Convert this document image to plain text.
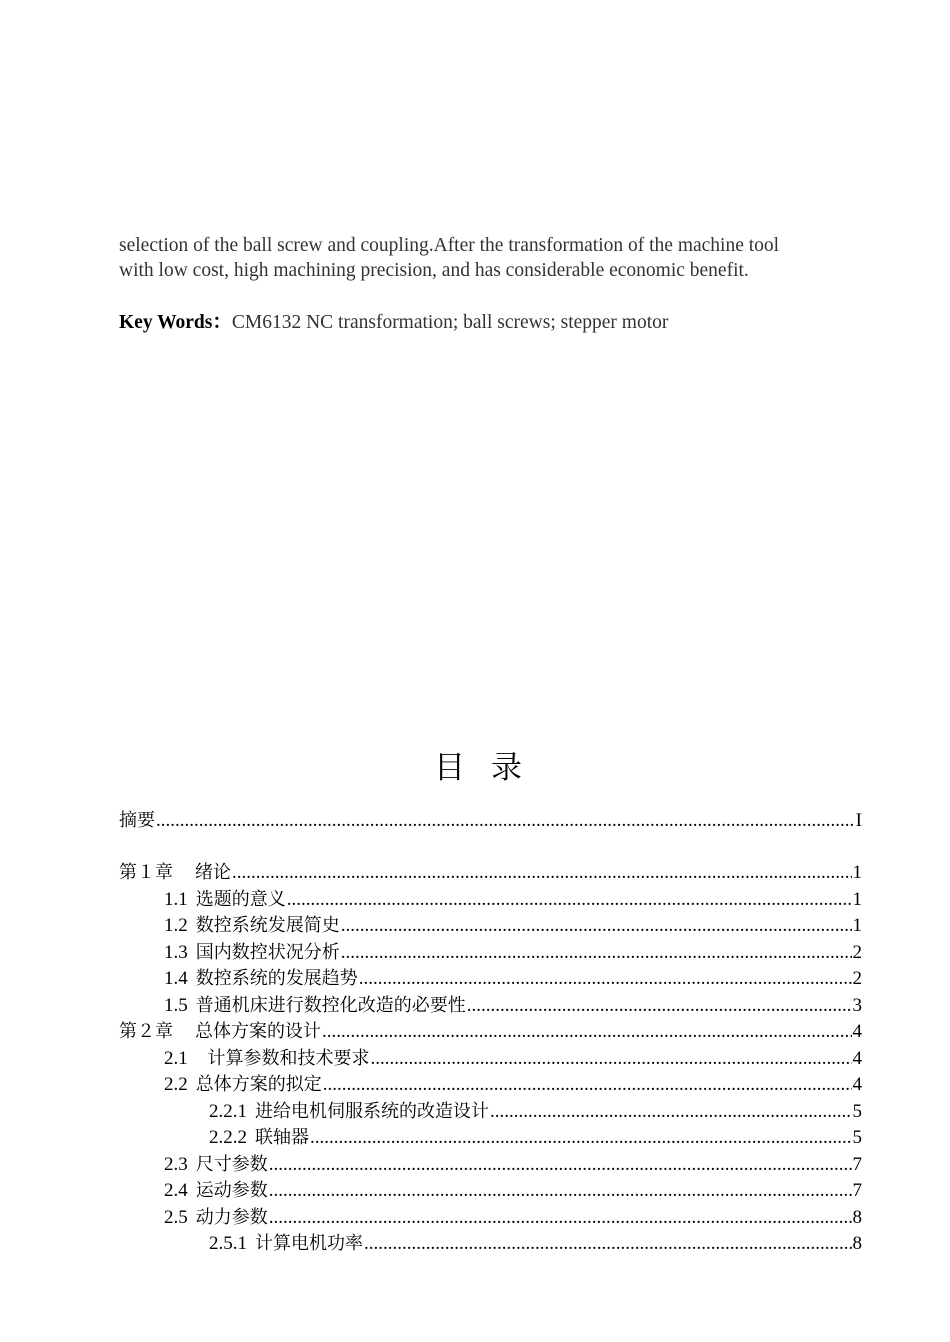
selection of the ball screw and coupling.After the transformation of the machine tool

with low cost, high machining precision, and has considerable economic benefit.

Key Words：CM6132 NC transformation; ball screws; stepper motor
目录
摘要 .....	I
第１章 绪论 .....	1
1.1 选题的意义 .....	1
1.2 数控系统发展简史 .....	1
1.3 国内数控状况分析 .....	2
1.4 数控系统的发展趋势 .....	2
1.5 普通机床进行数控化改造的必要性 .....	3
第２章 总体方案的设计 .....	4
2.1 计算参数和技术要求 .....	4
2.2 总体方案的拟定 .....	4
2.2.1 进给电机伺服系统的改造设计 .....	5
2.2.2 联轴器 .....	5
2.3 尺寸参数 .....	7
2.4 运动参数 .....	7
2.5 动力参数 .....	8
2.5.1 计算电机功率 .....	8
